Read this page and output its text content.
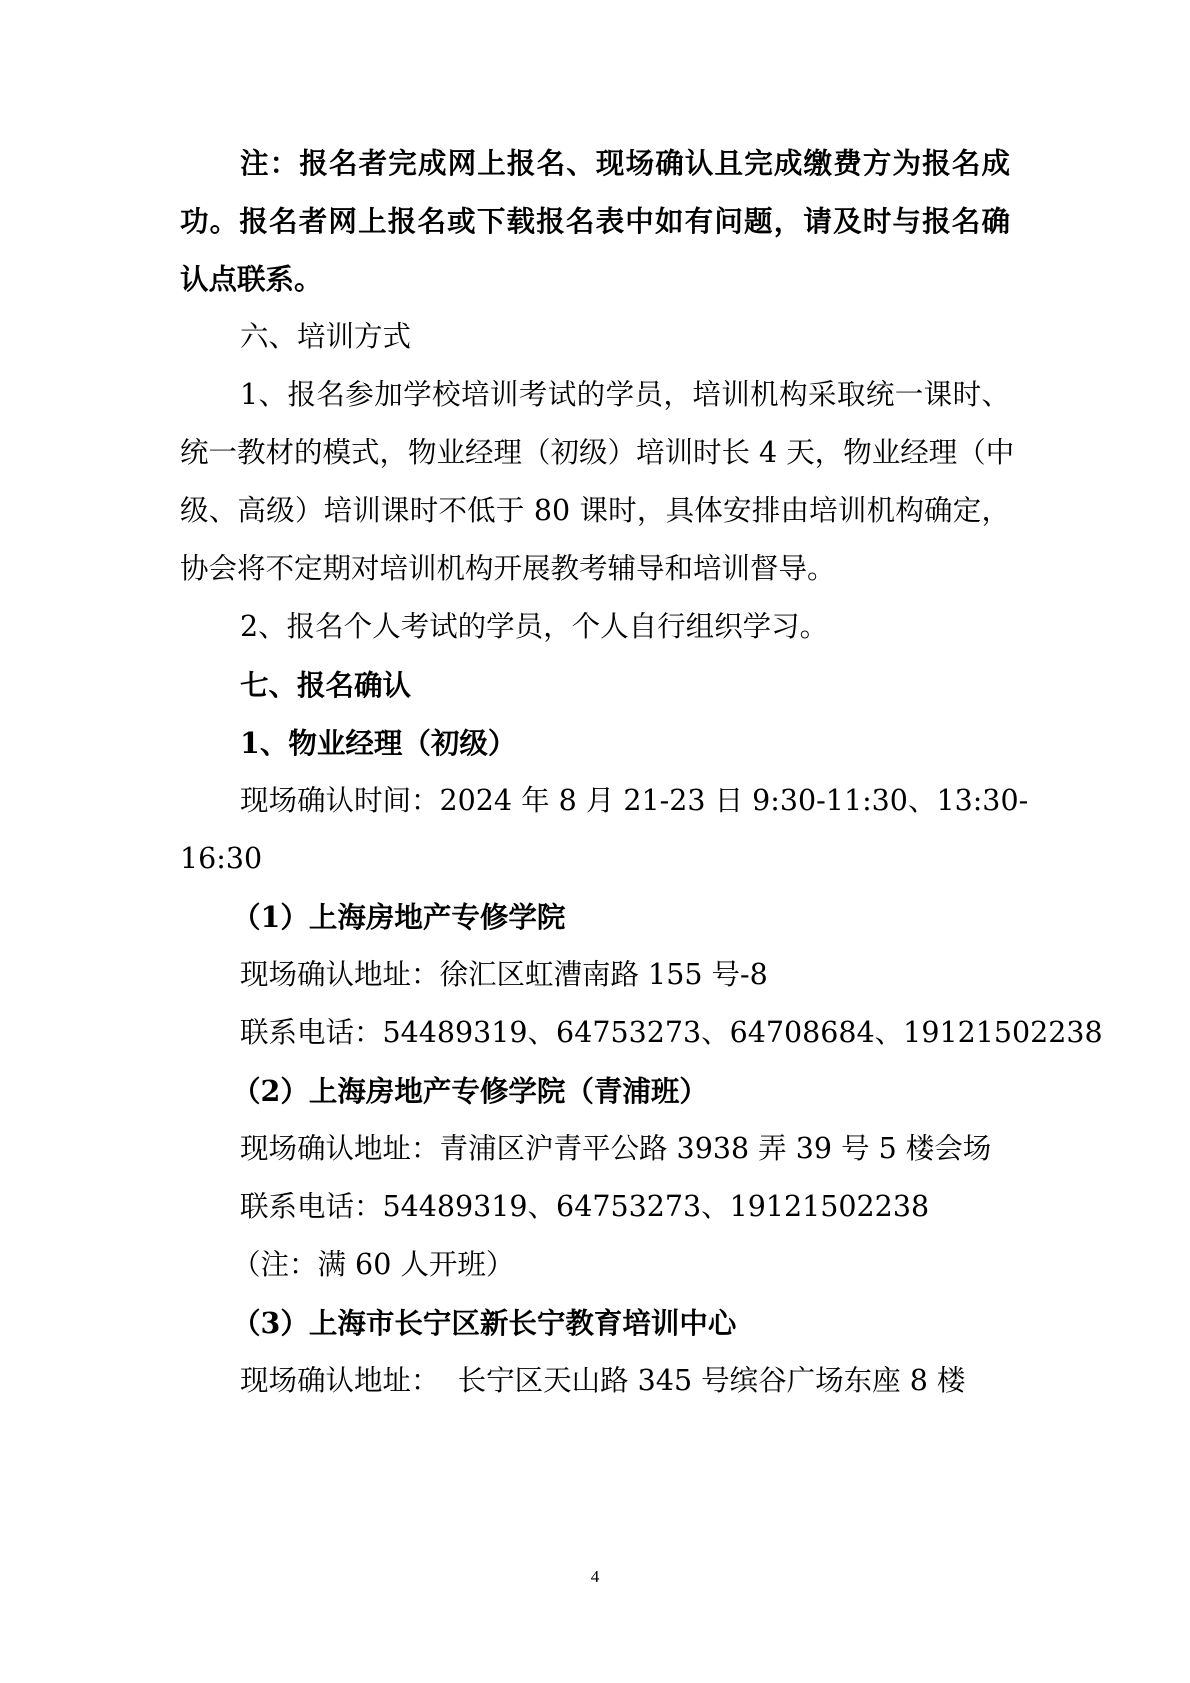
注：报名者完成网上报名、现场确认且完成缴费方为报名成
功。报名者网上报名或下载报名表中如有问题，请及时与报名确
认点联系。
六、培训方式
1、报名参加学校培训考试的学员，培训机构采取统一课时、
统一教材的模式，物业经理（初级）培训时长 4 天，物业经理（中
级、高级）培训课时不低于 80 课时，具体安排由培训机构确定，
协会将不定期对培训机构开展教考辅导和培训督导。
2、报名个人考试的学员，个人自行组织学习。
七、报名确认
1、物业经理（初级）
现场确认时间：2024 年 8 月 21-23 日 9:30-11:30、13:30-
16:30
（1）上海房地产专修学院
现场确认地址：徐汇区虹漕南路 155 号-8
联系电话：54489319、64753273、64708684、19121502238
（2）上海房地产专修学院（青浦班）
现场确认地址：青浦区沪青平公路 3938 弄 39 号 5 楼会场
联系电话：54489319、64753273、19121502238
（注：满 60 人开班）
（3）上海市长宁区新长宁教育培训中心
现场确认地址：  长宁区天山路 345 号缤谷广场东座 8 楼
4
